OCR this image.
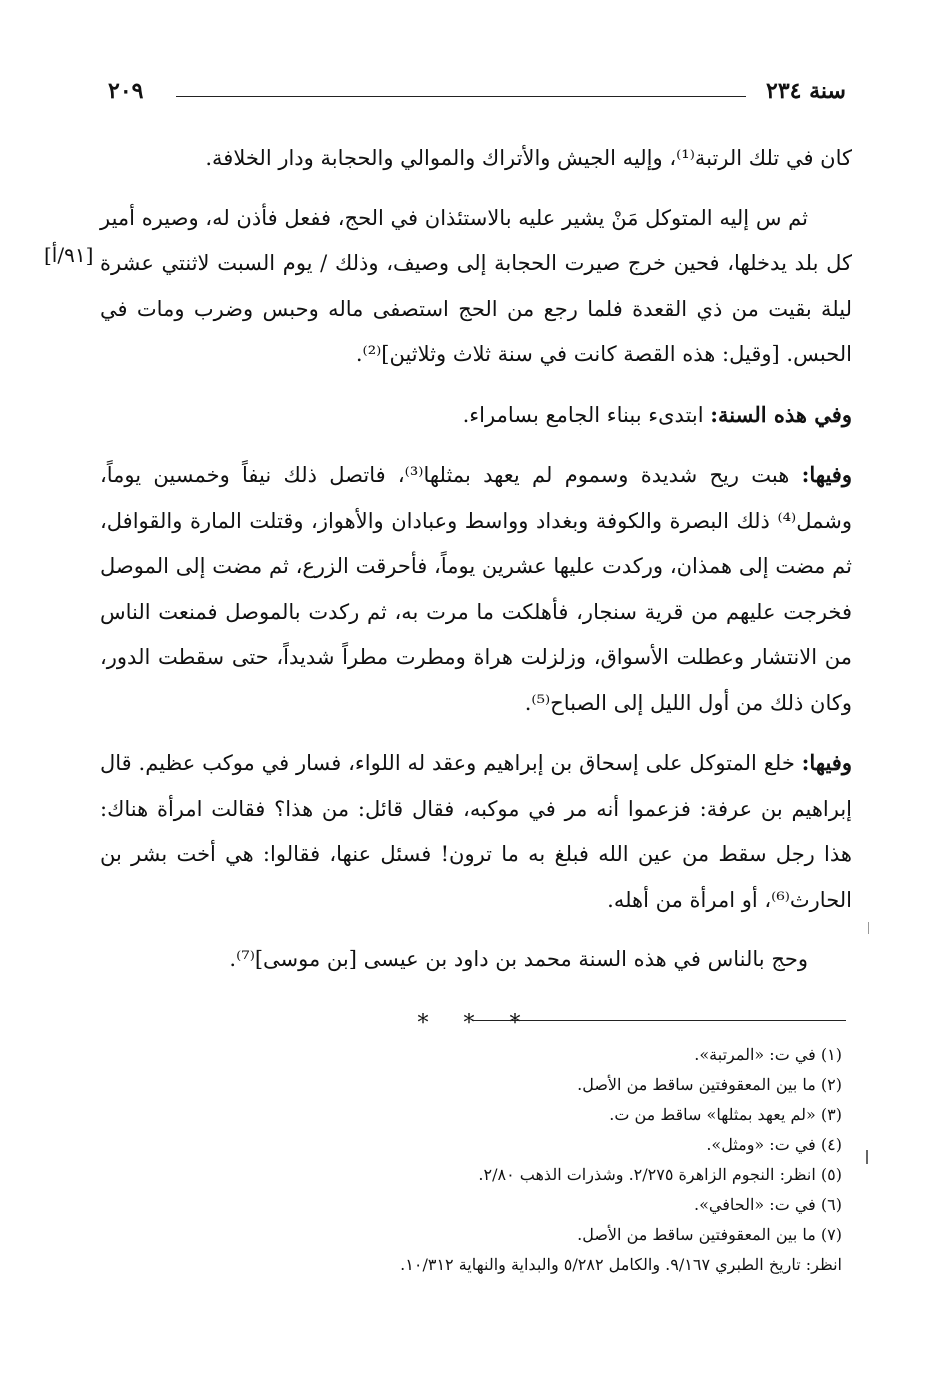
سنة ٢٣٤
٢٠٩
[٩١/أ]

كان في تلك الرتبة⁽¹⁾، وإليه الجيش والأتراك والموالي والحجابة ودار الخلافة.

ثم س إليه المتوكل مَنْ يشير عليه بالاستئذان في الحج، ففعل فأذن له، وصيره أمير كل بلد يدخلها، فحين خرج صيرت الحجابة إلى وصيف، وذلك / يوم السبت لاثنتي عشرة ليلة بقيت من ذي القعدة فلما رجع من الحج استصفى ماله وحبس وضرب ومات في الحبس. [وقيل: هذه القصة كانت في سنة ثلاث وثلاثين]⁽²⁾.

وفي هذه السنة: ابتدىء ببناء الجامع بسامراء.

وفيها: هبت ريح شديدة وسموم لم يعهد بمثلها⁽³⁾، فاتصل ذلك نيفاً وخمسين يوماً، وشمل⁽⁴⁾ ذلك البصرة والكوفة وبغداد وواسط وعبادان والأهواز، وقتلت المارة والقوافل، ثم مضت إلى همذان، وركدت عليها عشرين يوماً، فأحرقت الزرع، ثم مضت إلى الموصل فخرجت عليهم من قرية سنجار، فأهلكت ما مرت به، ثم ركدت بالموصل فمنعت الناس من الانتشار وعطلت الأسواق، وزلزلت هراة ومطرت مطراً شديداً، حتى سقطت الدور، وكان ذلك من أول الليل إلى الصباح⁽⁵⁾.

وفيها: خلع المتوكل على إسحاق بن إبراهيم وعقد له اللواء، فسار في موكب عظيم. قال إبراهيم بن عرفة: فزعموا أنه مر في موكبه، فقال قائل: من هذا؟ فقالت امرأة هناك: هذا رجل سقط من عين الله فبلغ به ما ترون! فسئل عنها، فقالوا: هي أخت بشر بن الحارث⁽⁶⁾، أو امرأة من أهله.

وحج بالناس في هذه السنة محمد بن داود بن عيسى [بن موسى]⁽⁷⁾.

* * *
(١) في ت: «المرتبة».
(٢) ما بين المعقوفتين ساقط من الأصل.
(٣) «لم يعهد بمثلها» ساقط من ت.
(٤) في ت: «ومثل».
(٥) انظر: النجوم الزاهرة ٢/٢٧٥. وشذرات الذهب ٢/٨٠.
(٦) في ت: «الحافي».
(٧) ما بين المعقوفتين ساقط من الأصل.
انظر: تاريخ الطبري ٩/١٦٧. والكامل ٥/٢٨٢ والبداية والنهاية ١٠/٣١٢.
